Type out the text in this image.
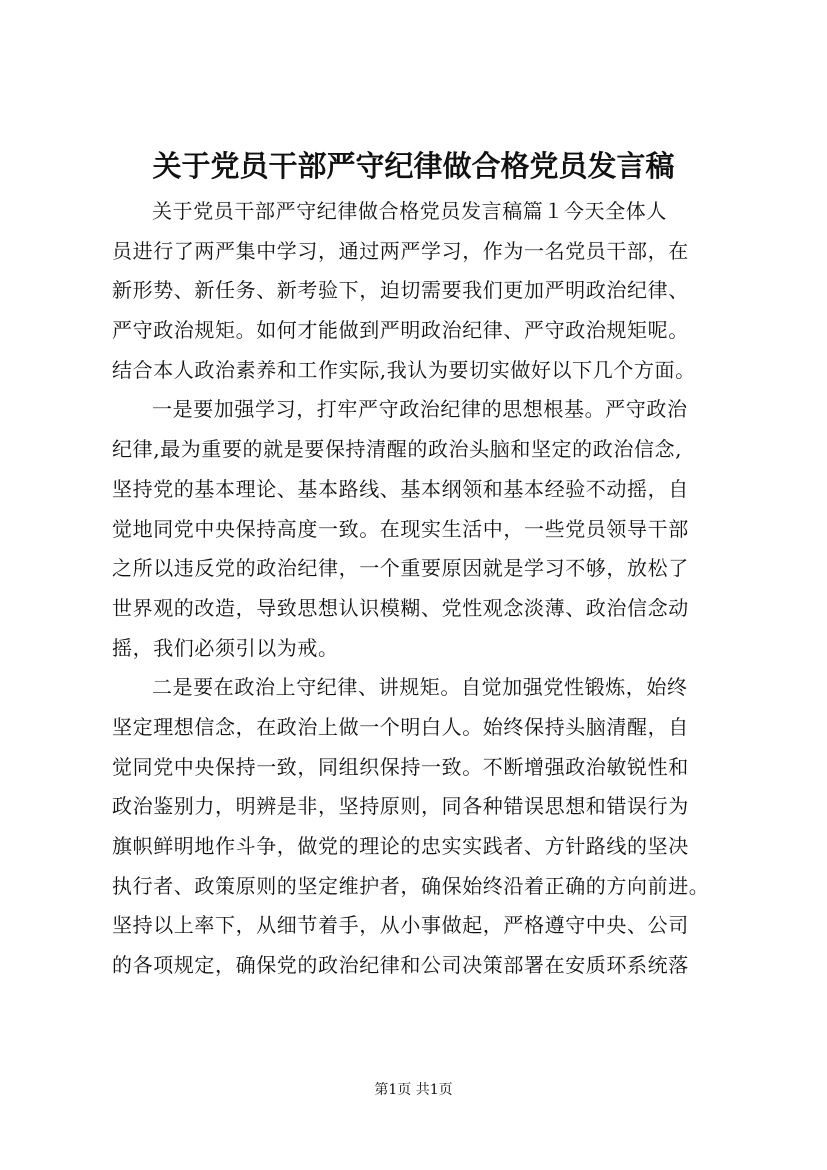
关于党员干部严守纪律做合格党员发言稿
关于党员干部严守纪律做合格党员发言稿篇１今天全体人
员进行了两严集中学习，通过两严学习，作为一名党员干部，在
新形势、新任务、新考验下，迫切需要我们更加严明政治纪律、
严守政治规矩。如何才能做到严明政治纪律、严守政治规矩呢。
结合本人政治素养和工作实际,我认为要切实做好以下几个方面。
一是要加强学习，打牢严守政治纪律的思想根基。严守政治
纪律,最为重要的就是要保持清醒的政治头脑和坚定的政治信念,
坚持党的基本理论、基本路线、基本纲领和基本经验不动摇，自
觉地同党中央保持高度一致。在现实生活中，一些党员领导干部
之所以违反党的政治纪律，一个重要原因就是学习不够，放松了
世界观的改造，导致思想认识模糊、党性观念淡薄、政治信念动
摇，我们必须引以为戒。
二是要在政治上守纪律、讲规矩。自觉加强党性锻炼，始终
坚定理想信念，在政治上做一个明白人。始终保持头脑清醒，自
觉同党中央保持一致，同组织保持一致。不断增强政治敏锐性和
政治鉴别力，明辨是非，坚持原则，同各种错误思想和错误行为
旗帜鲜明地作斗争，做党的理论的忠实实践者、方针路线的坚决
执行者、政策原则的坚定维护者，确保始终沿着正确的方向前进。
坚持以上率下，从细节着手，从小事做起，严格遵守中央、公司
的各项规定，确保党的政治纪律和公司决策部署在安质环系统落
第1页 共1页
